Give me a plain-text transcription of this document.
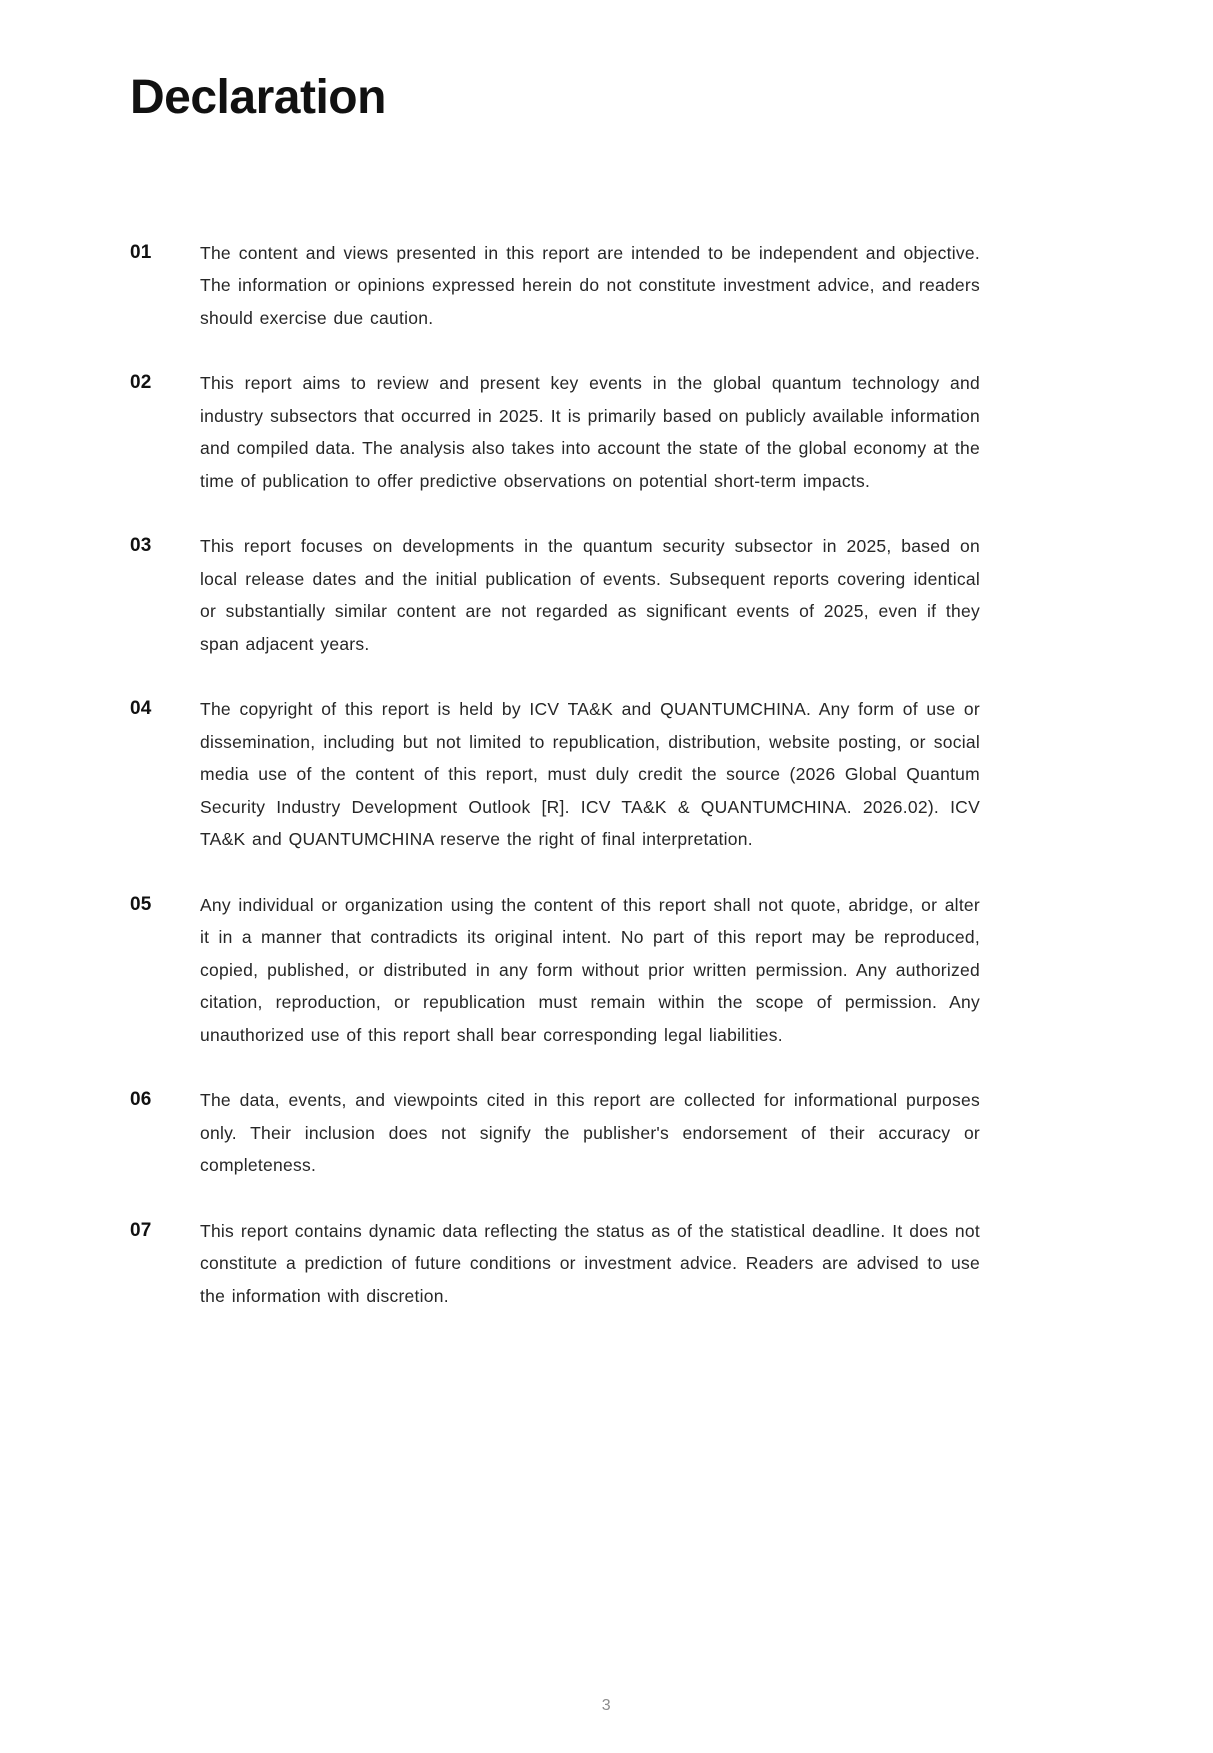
Declaration
01	The content and views presented in this report are intended to be independent and objective. The information or opinions expressed herein do not constitute investment advice, and readers should exercise due caution.
02	This report aims to review and present key events in the global quantum technology and industry subsectors that occurred in 2025. It is primarily based on publicly available information and compiled data. The analysis also takes into account the state of the global economy at the time of publication to offer predictive observations on potential short-term impacts.
03	This report focuses on developments in the quantum security subsector in 2025, based on local release dates and the initial publication of events. Subsequent reports covering identical or substantially similar content are not regarded as significant events of 2025, even if they span adjacent years.
04	The copyright of this report is held by ICV TA&K and QUANTUMCHINA. Any form of use or dissemination, including but not limited to republication, distribution, website posting, or social media use of the content of this report, must duly credit the source (2026 Global Quantum Security Industry Development Outlook [R]. ICV TA&K & QUANTUMCHINA. 2026.02). ICV TA&K and QUANTUMCHINA reserve the right of final interpretation.
05	Any individual or organization using the content of this report shall not quote, abridge, or alter it in a manner that contradicts its original intent. No part of this report may be reproduced, copied, published, or distributed in any form without prior written permission. Any authorized citation, reproduction, or republication must remain within the scope of permission. Any unauthorized use of this report shall bear corresponding legal liabilities.
06	The data, events, and viewpoints cited in this report are collected for informational purposes only. Their inclusion does not signify the publisher's endorsement of their accuracy or completeness.
07	This report contains dynamic data reflecting the status as of the statistical deadline. It does not constitute a prediction of future conditions or investment advice. Readers are advised to use the information with discretion.
3
